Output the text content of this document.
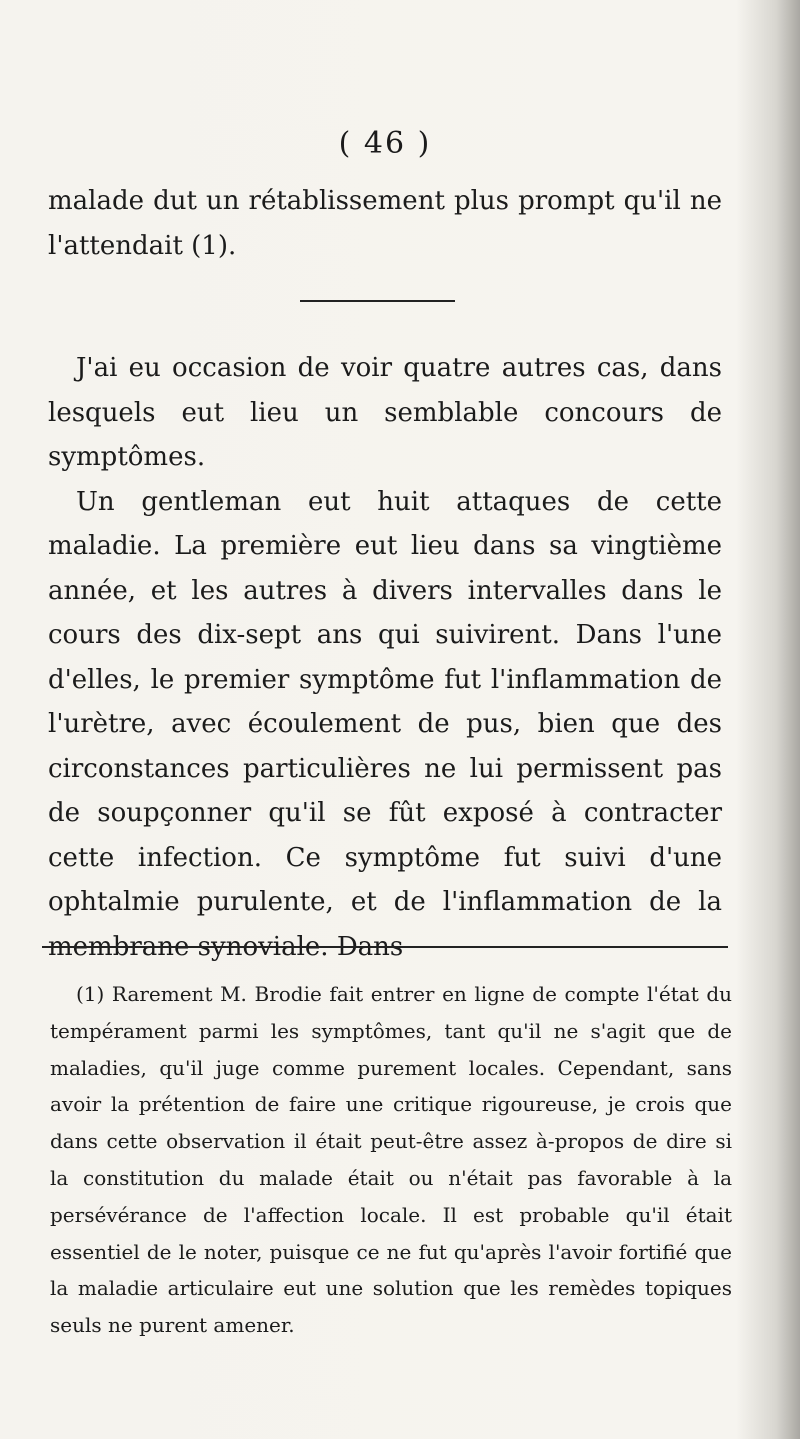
( 46 )

malade dut un rétablissement plus prompt qu'il ne l'attendait (1).

J'ai eu occasion de voir quatre autres cas, dans lesquels eut lieu un semblable concours de symptômes.

Un gentleman eut huit attaques de cette maladie. La première eut lieu dans sa vingtième année, et les autres à divers intervalles dans le cours des dix-sept ans qui suivirent. Dans l'une d'elles, le premier symptôme fut l'inflammation de l'urètre, avec écoulement de pus, bien que des circonstances particulières ne lui permissent pas de soupçonner qu'il se fût exposé à contracter cette infection. Ce symptôme fut suivi d'une ophtalmie purulente, et de l'inflammation de la membrane synoviale. Dans

(1) Rarement M. Brodie fait entrer en ligne de compte l'état du tempérament parmi les symptômes, tant qu'il ne s'agit que de maladies, qu'il juge comme purement locales. Cependant, sans avoir la prétention de faire une critique rigoureuse, je crois que dans cette observation il était peut-être assez à-propos de dire si la constitution du malade était ou n'était pas favorable à la persévérance de l'affection locale. Il est probable qu'il était essentiel de le noter, puisque ce ne fut qu'après l'avoir fortifié que la maladie articulaire eut une solution que les remèdes topiques seuls ne purent amener.
